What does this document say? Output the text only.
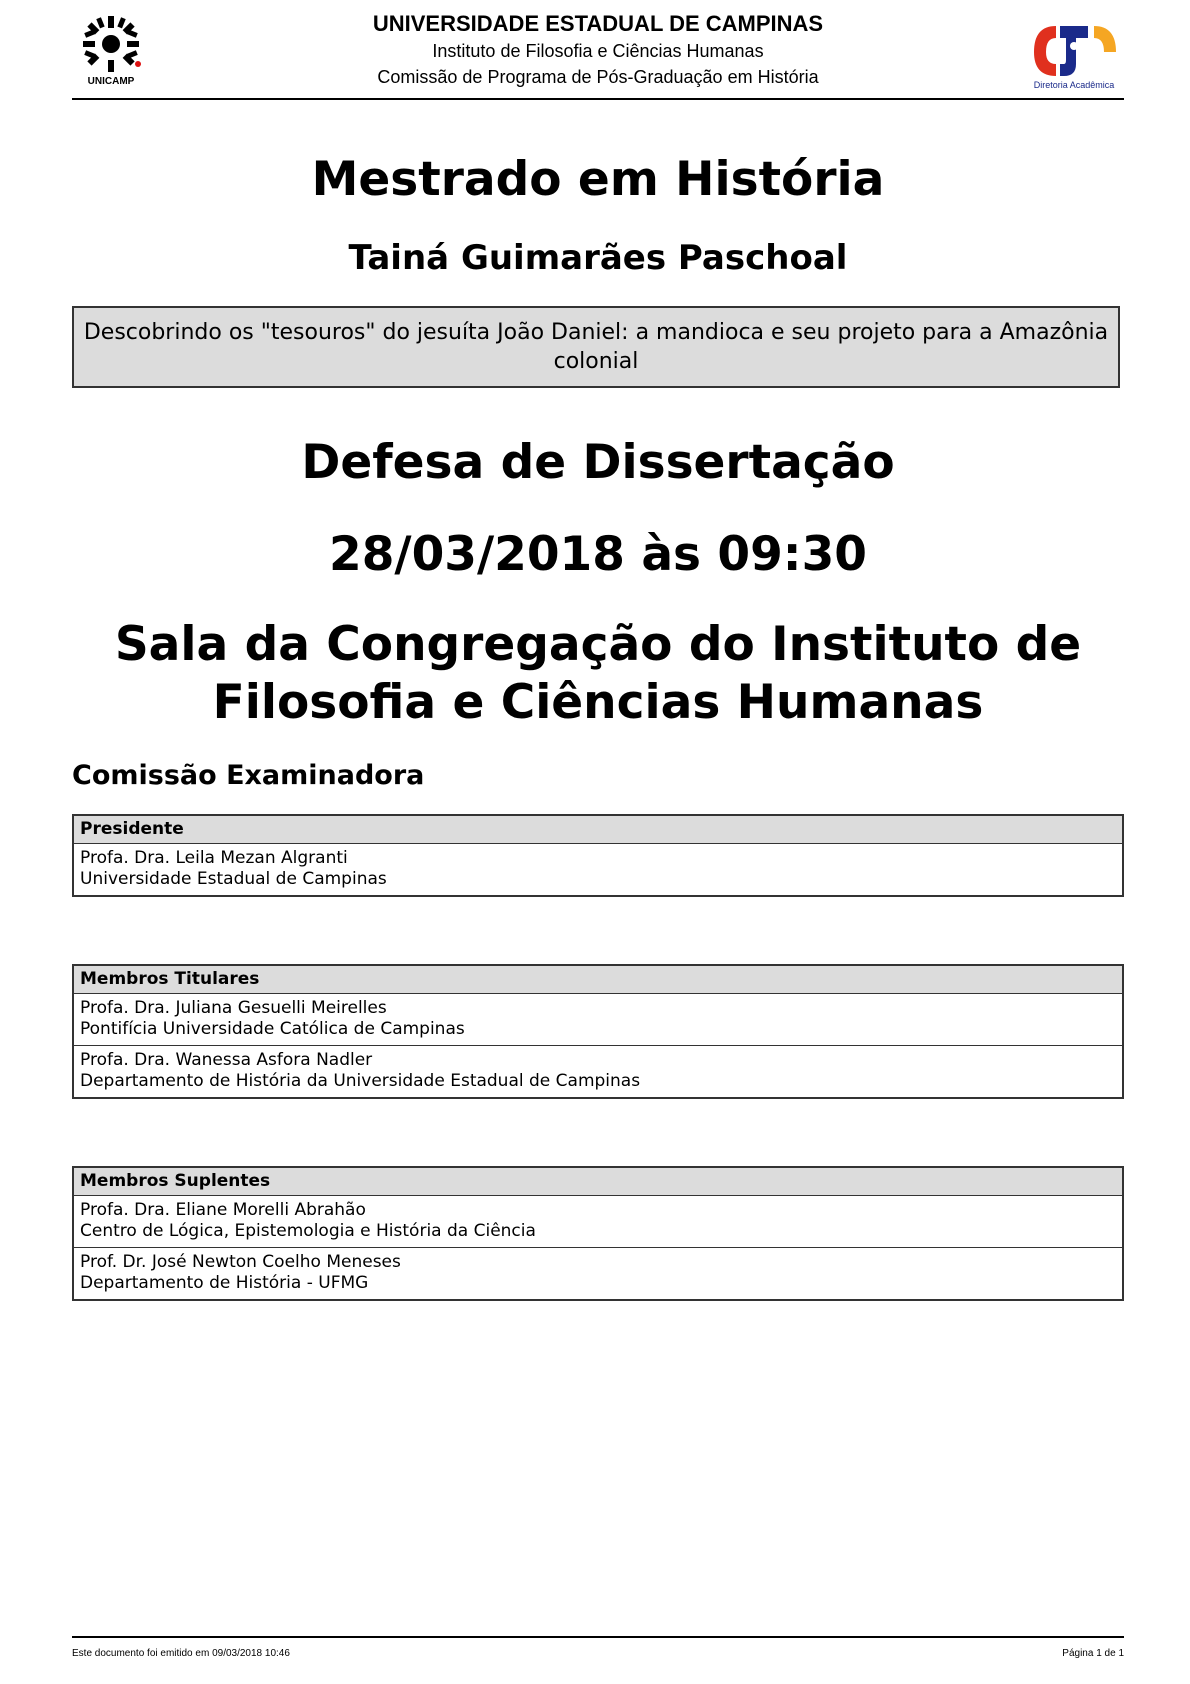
UNICAMP
UNIVERSIDADE ESTADUAL DE CAMPINAS
Instituto de Filosofia e Ciências Humanas
Comissão de Programa de Pós-Graduação em História	Diretoria Acadêmica
Mestrado em História
Tainá Guimarães Paschoal
Descobrindo os "tesouros" do jesuíta João Daniel: a mandioca e seu projeto para a Amazônia colonial
Defesa de Dissertação
28/03/2018 às 09:30
Sala da Congregação do Instituto de Filosofia e Ciências Humanas
Comissão Examinadora
Presidente

Profa. Dra. Leila Mezan Algranti
Universidade Estadual de Campinas
Membros Titulares

Profa. Dra. Juliana Gesuelli Meirelles
Pontifícia Universidade Católica de Campinas

Profa. Dra. Wanessa Asfora Nadler
Departamento de História da Universidade Estadual de Campinas
Membros Suplentes

Profa. Dra. Eliane Morelli Abrahão
Centro de Lógica, Epistemologia e História da Ciência

Prof. Dr. José Newton Coelho Meneses
Departamento de História - UFMG
Este documento foi emitido em 09/03/2018 10:46	Página 1 de 1
